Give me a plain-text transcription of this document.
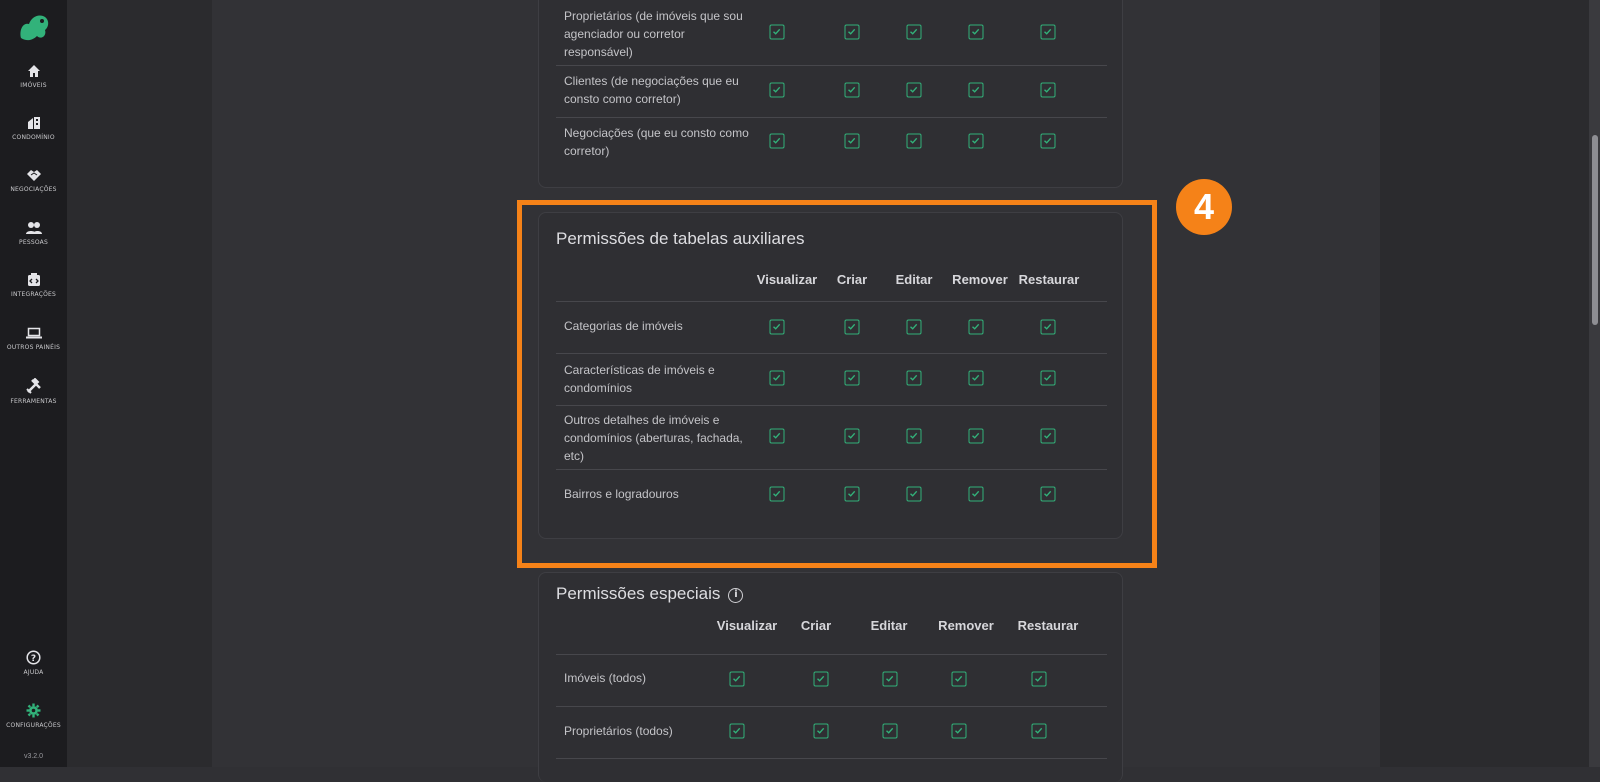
IMÓVEIS
CONDOMÍNIO
NEGOCIAÇÕES
PESSOAS
INTEGRAÇÕES
OUTROS PAINÉIS
FERRAMENTAS
?
AJUDA
CONFIGURAÇÕES
v3.2.0
Proprietários (de imóveis que sou agenciador ou corretor responsável)
Clientes (de negociações que eu consto como corretor)
Negociações (que eu consto como corretor)
Permissões de tabelas auxiliares
Visualizar Criar Editar Remover Restaurar
Categorias de imóveis
Características de imóveis e condomínios
Outros detalhes de imóveis e condomínios (aberturas, fachada, etc)
Bairros e logradouros
Permissões especiais i
Visualizar Criar	Editar Remover Restaurar
Imóveis (todos)
Proprietários (todos)
4
